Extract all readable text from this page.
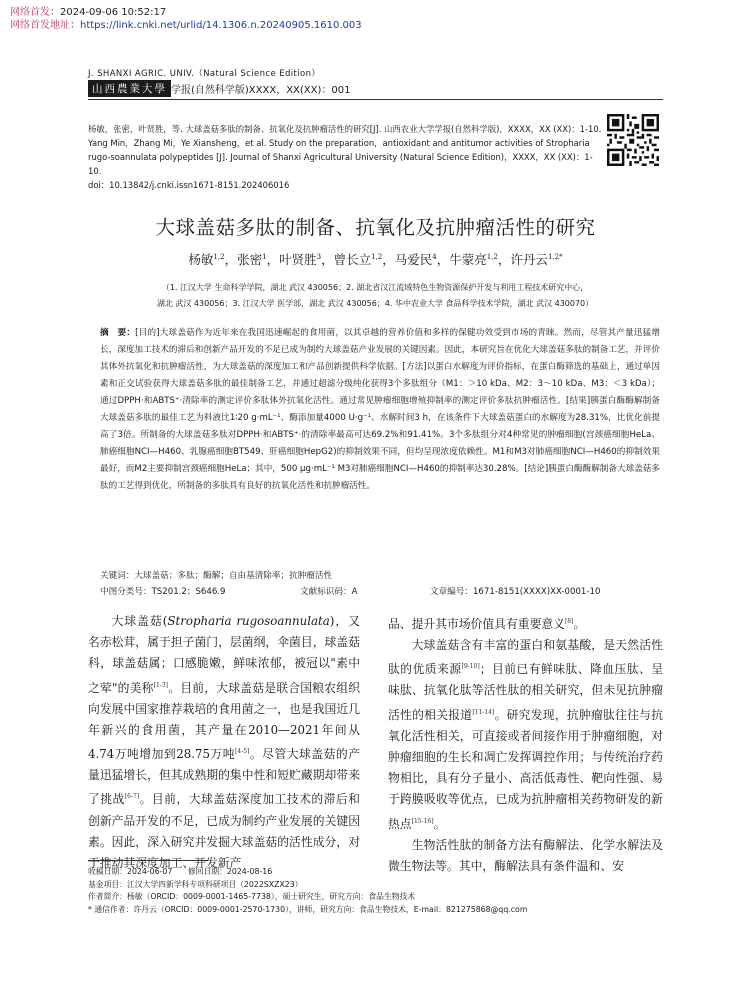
网络首发：2024-09-06 10:52:17
网络首发地址：https://link.cnki.net/urlid/14.1306.n.20240905.1610.003
J. SHANXI AGRIC. UNIV.（Natural Science Edition）
山西農業大學 学报(自然科学版)XXXX，XX(XX)：001

杨敏，张密，叶贤胜，等. 大球盖菇多肽的制备、抗氧化及抗肿瘤活性的研究[J]. 山西农业大学学报(自然科学版)，XXXX，XX (XX)：1-10.

Yang Min，Zhang Mi，Ye Xiansheng，et al. Study on the preparation，antioxidant and antitumor activities of Stropharia rugo-soannulata polypeptides [J]. Journal of Shanxi Agricultural University (Natural Science Edition)，XXXX，XX (XX)：1-10.

doi：10.13842/j.cnki.issn1671-8151.202406016

大球盖菇多肽的制备、抗氧化及抗肿瘤活性的研究
杨敏$^{1,2}$，张密$^1$，叶贤胜$^3$，曾长立$^{1,2}$，马爱民$^4$，牛蒙亮$^{1,2}$，许丹云$^{1,2*}$
（1. 江汉大学 生命科学学院，湖北 武汉 430056；2. 湖北省汉江流域特色生物资源保护开发与利用工程技术研究中心，
湖北 武汉 430056；3. 江汉大学 医学部，湖北 武汉 430056；4. 华中农业大学 食品科学技术学院，湖北 武汉 430070）
摘　要：[目的]大球盖菇作为近年来在我国迅速崛起的食用菌，以其卓越的营养价值和多样的保健功效受到市场的青睐。然而，尽管其产量迅猛增长，深度加工技术的滞后和创新产品开发的不足已成为制约大球盖菇产业发展的关键因素。因此，本研究旨在优化大球盖菇多肽的制备工艺，并评价其体外抗氧化和抗肿瘤活性，为大球盖菇的深度加工和产品创新提供科学依据。[方法]以蛋白水解度为评价指标，在蛋白酶筛选的基础上，通过单因素和正交试验获得大球盖菇多肽的最佳制备工艺，并通过超滤分级纯化获得3个多肽组分（M1：＞10 kDa、M2：3～10 kDa、M3：＜3 kDa）；通过DPPH·和ABTS⁺·清除率的测定评价多肽体外抗氧化活性。通过常见肿瘤细胞增殖抑制率的测定评价多肽抗肿瘤活性。[结果]胰蛋白酶酶解制备大球盖菇多肽的最佳工艺为料液比1∶20 g·mL⁻¹、酶添加量4000 U·g⁻¹、水解时间3 h，在该条件下大球盖菇蛋白的水解度为28.31%，比优化前提高了3倍。所制备的大球盖菇多肽对DPPH·和ABTS⁺·的清除率最高可达69.2%和91.41%。3个多肽组分对4种常见的肿瘤细胞(宫颈癌细胞HeLa、肺癌细胞NCI—H460、乳腺癌细胞BT549、肝癌细胞HepG2)的抑制效果不同，但均呈现浓度依赖性。M1和M3对肺癌细胞NCI—H460的抑制效果最好，而M2主要抑制宫颈癌细胞HeLa；其中，500 μg·mL⁻¹ M3对肺癌细胞NCI—H460的抑制率达30.28%。[结论]胰蛋白酶酶解制备大球盖菇多肽的工艺得到优化，所制备的多肽具有良好的抗氧化活性和抗肿瘤活性。
关键词：大球盖菇；多肽；酶解；自由基清除率；抗肿瘤活性
中图分类号：TS201.2；S646.9	文献标识码：A	文章编号：1671-8151(XXXX)XX-0001-10

大球盖菇(Stropharia rugosoannulata)，又名赤松茸，属于担子菌门，层菌纲，伞菌目，球盖菇科，球盖菇属；口感脆嫩，鲜味浓郁，被冠以"素中之荤"的美称[1-3]。目前，大球盖菇是联合国粮农组织向发展中国家推荐栽培的食用菌之一，也是我国近几年新兴的食用菌，其产量在2010—2021年间从4.74万吨增加到28.75万吨[4-5]。尽管大球盖菇的产量迅猛增长，但其成熟期的集中性和短贮藏期却带来了挑战[6-7]。目前，大球盖菇深度加工技术的滞后和创新产品开发的不足，已成为制约产业发展的关键因素。因此，深入研究并发掘大球盖菇的活性成分，对于推动其深度加工、开发新产

品、提升其市场价值具有重要意义[8]。

大球盖菇含有丰富的蛋白和氨基酸，是天然活性肽的优质来源[9-10]；目前已有鲜味肽、降血压肽、呈味肽、抗氧化肽等活性肽的相关研究，但未见抗肿瘤活性的相关报道[11-14]。研究发现，抗肿瘤肽往往与抗氧化活性相关，可直接或者间接作用于肿瘤细胞，对肿瘤细胞的生长和凋亡发挥调控作用；与传统治疗药物相比，具有分子量小、高活低毒性、靶向性强、易于跨膜吸收等优点，已成为抗肿瘤相关药物研发的新热点[15-16]。

生物活性肽的制备方法有酶解法、化学水解法及微生物法等。其中，酶解法具有条件温和、安

收稿日期：2024-06-07　　修回日期：2024-08-16

基金项目：江汉大学四新学科专项科研项目（2022SXZX23）

作者简介：杨敏（ORCID：0009-0001-1465-7738），硕士研究生，研究方向：食品生物技术

* 通信作者：许丹云（ORCID：0009-0001-2570-1730），讲师，研究方向：食品生物技术，E-mail：821275868@qq.com
